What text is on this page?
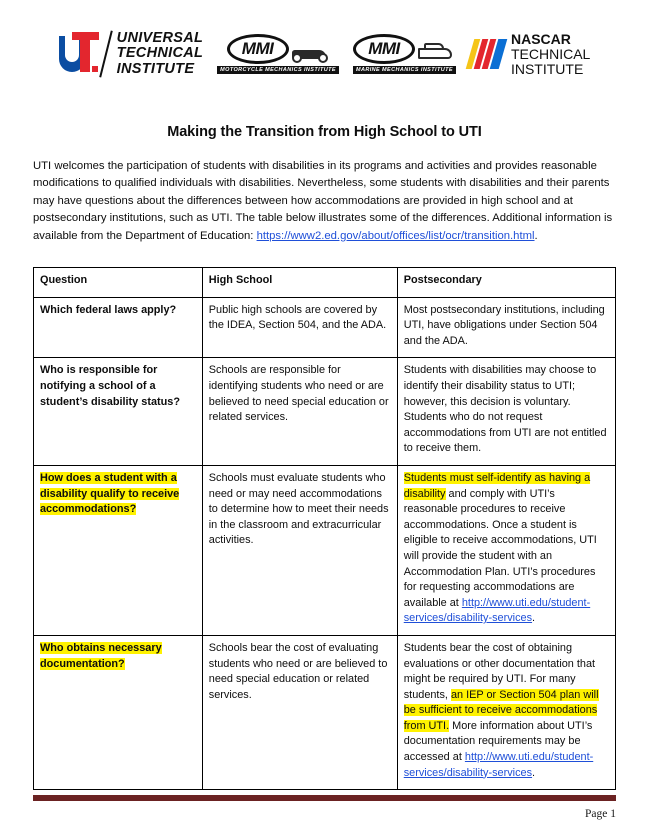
UNIVERSAL
TECHNICAL
INSTITUTE
MMI
MOTORCYCLE MECHANICS INSTITUTE
MMI
MARINE MECHANICS INSTITUTE
NASCAR
TECHNICAL
INSTITUTE
Making the Transition from High School to UTI

UTI welcomes the participation of students with disabilities in its programs and activities and provides reasonable modifications to qualified individuals with disabilities. Nevertheless, some students with disabilities and their parents may have questions about the differences between how accommodations are provided in high school and at postsecondary institutions, such as UTI. The table below illustrates some of the differences. Additional information is available from the Department of Education: https://www2.ed.gov/about/offices/list/ocr/transition.html.

Question	High School	Postsecondary
Which federal laws apply?	Public high schools are covered by the IDEA, Section 504, and the ADA.	Most postsecondary institutions, including UTI, have obligations under Section 504 and the ADA.
Who is responsible for notifying a school of a student’s disability status?	Schools are responsible for identifying students who need or are believed to need special education or related services.	Students with disabilities may choose to identify their disability status to UTI; however, this decision is voluntary. Students who do not request accommodations from UTI are not entitled to receive them.
How does a student with a disability qualify to receive accommodations?	Schools must evaluate students who need or may need accommodations to determine how to meet their needs in the classroom and extracurricular activities.	Students must self-identify as having a disability and comply with UTI’s reasonable procedures to receive accommodations. Once a student is eligible to receive accommodations, UTI will provide the student with an Accommodation Plan. UTI’s procedures for requesting accommodations are available at http://www.uti.edu/student-services/disability-services.
Who obtains necessary documentation?	Schools bear the cost of evaluating students who need or are believed to need special education or related services.	Students bear the cost of obtaining evaluations or other documentation that might be required by UTI. For many students, an IEP or Section 504 plan will be sufficient to receive accommodations from UTI. More information about UTI’s documentation requirements may be accessed at http://www.uti.edu/student-services/disability-services.
Page 1
